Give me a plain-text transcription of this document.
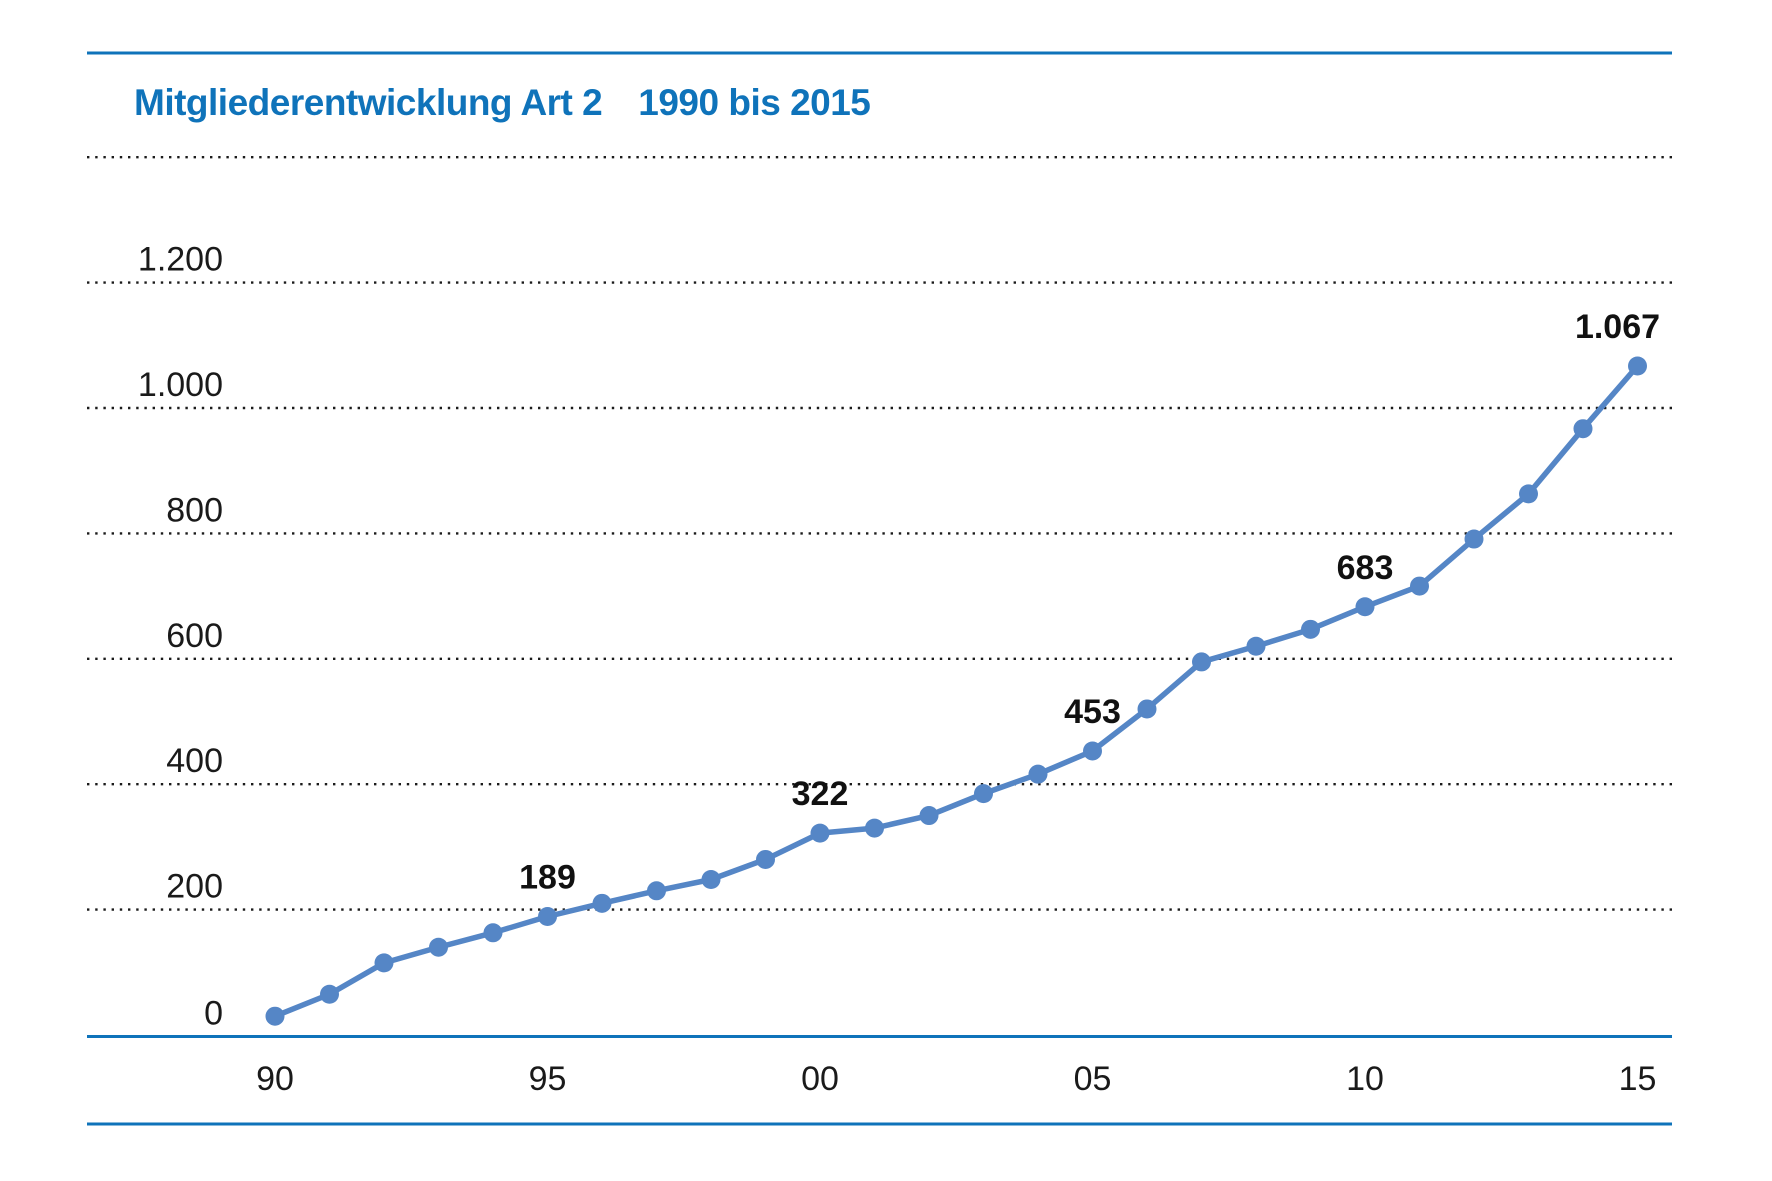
Mitgliederentwicklung Art 2 1990 bis 2015
0
200
400
600
800
1.000
1.200
90	95	00	05	10	15
189
322
453
683
1.067
